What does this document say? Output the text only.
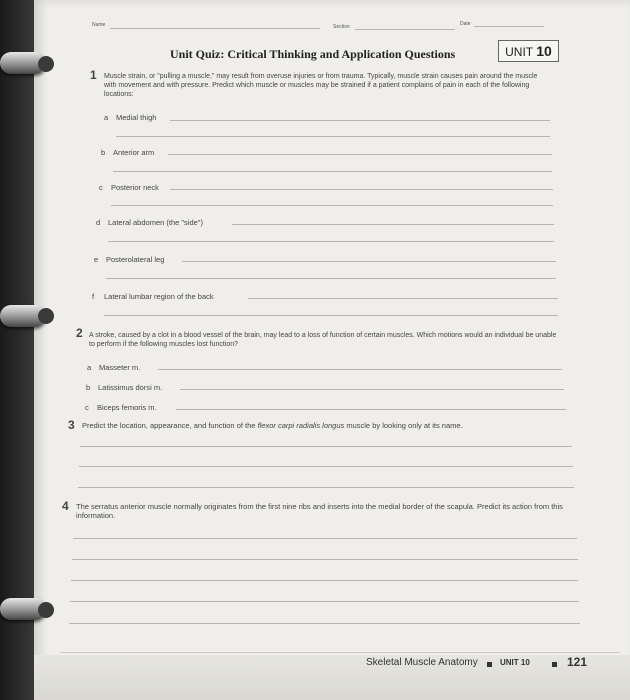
Name	Section	Date
Unit Quiz: Critical Thinking and Application Questions	UNIT 10
1 Muscle strain, or "pulling a muscle," may result from overuse injuries or from trauma. Typically, muscle strain causes pain around the muscle with movement and with pressure. Predict which muscle or muscles may be strained if a patient complains of pain in each of the following locations:
a Medial thigh
b Anterior arm
c Posterior neck
d Lateral abdomen (the "side")
e Posterolateral leg
f Lateral lumbar region of the back
2 A stroke, caused by a clot in a blood vessel of the brain, may lead to a loss of function of certain muscles. Which motions would an individual be unable to perform if the following muscles lost function?
a Masseter m.
b Latissimus dorsi m.
c Biceps femoris m.
3 Predict the location, appearance, and function of the flexor carpi radialis longus muscle by looking only at its name.
4 The serratus anterior muscle normally originates from the first nine ribs and inserts into the medial border of the scapula. Predict its action from this information.
Skeletal Muscle Anatomy	UNIT 10	121
